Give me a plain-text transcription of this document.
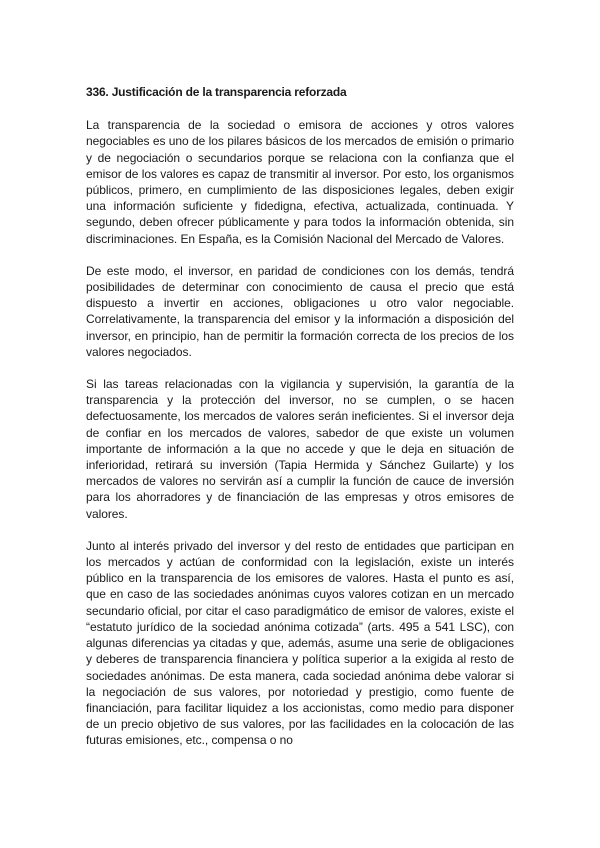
336. Justificación de la transparencia reforzada

La transparencia de la sociedad o emisora de acciones y otros valores negociables es uno de los pilares básicos de los mercados de emisión o primario y de negociación o secundarios porque se relaciona con la confianza que el emisor de los valores es capaz de transmitir al inversor. Por esto, los organismos públicos, primero, en cumplimiento de las disposiciones legales, deben exigir una información suficiente y fidedigna, efectiva, actualizada, continuada. Y segundo, deben ofrecer públicamente y para todos la información obtenida, sin discriminaciones. En España, es la Comisión Nacional del Mercado de Valores.

De este modo, el inversor, en paridad de condiciones con los demás, tendrá posibilidades de determinar con conocimiento de causa el precio que está dispuesto a invertir en acciones, obligaciones u otro valor negociable. Correlativamente, la transparencia del emisor y la información a disposición del inversor, en principio, han de permitir la formación correcta de los precios de los valores negociados.

Si las tareas relacionadas con la vigilancia y supervisión, la garantía de la transparencia y la protección del inversor, no se cumplen, o se hacen defectuosamente, los mercados de valores serán ineficientes. Si el inversor deja de confiar en los mercados de valores, sabedor de que existe un volumen importante de información a la que no accede y que le deja en situación de inferioridad, retirará su inversión (Tapia Hermida y Sánchez Guilarte) y los mercados de valores no servirán así a cumplir la función de cauce de inversión para los ahorradores y de financiación de las empresas y otros emisores de valores.

Junto al interés privado del inversor y del resto de entidades que participan en los mercados y actúan de conformidad con la legislación, existe un interés público en la transparencia de los emisores de valores. Hasta el punto es así, que en caso de las sociedades anónimas cuyos valores cotizan en un mercado secundario oficial, por citar el caso paradigmático de emisor de valores, existe el “estatuto jurídico de la sociedad anónima cotizada” (arts. 495 a 541 LSC), con algunas diferencias ya citadas y que, además, asume una serie de obligaciones y deberes de transparencia financiera y política superior a la exigida al resto de sociedades anónimas. De esta manera, cada sociedad anónima debe valorar si la negociación de sus valores, por notoriedad y prestigio, como fuente de financiación, para facilitar liquidez a los accionistas, como medio para disponer de un precio objetivo de sus valores, por las facilidades en la colocación de las futuras emisiones, etc., compensa o no
